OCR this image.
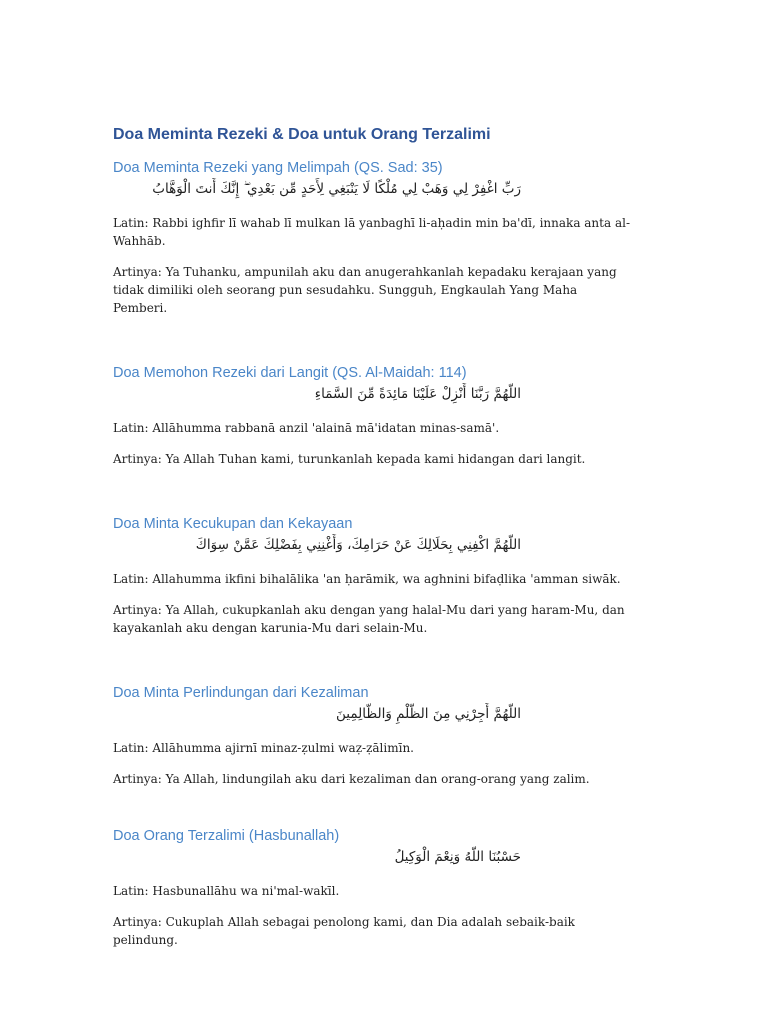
Doa Meminta Rezeki & Doa untuk Orang Terzalimi
Doa Meminta Rezeki yang Melimpah (QS. Sad: 35)
رَبِّ اغْفِرْ لِي وَهَبْ لِي مُلْكًا لَا يَنْبَغِي لِأَحَدٍ مِّن بَعْدِي ۖ إِنَّكَ أَنتَ الْوَهَّابُ

Latin: Rabbi ighfir lī wahab lī mulkan lā yanbaghī li-aḥadin min ba'dī, innaka anta al-Wahhāb.

Artinya: Ya Tuhanku, ampunilah aku dan anugerahkanlah kepadaku kerajaan yang tidak dimiliki oleh seorang pun sesudahku. Sungguh, Engkaulah Yang Maha Pemberi.

Doa Memohon Rezeki dari Langit (QS. Al-Maidah: 114)
اللَّهُمَّ رَبَّنَا أَنْزِلْ عَلَيْنَا مَائِدَةً مِّنَ السَّمَاءِ

Latin: Allāhumma rabbanā anzil 'alainā mā'idatan minas-samā'.

Artinya: Ya Allah Tuhan kami, turunkanlah kepada kami hidangan dari langit.

Doa Minta Kecukupan dan Kekayaan
اللَّهُمَّ اكْفِنِي بِحَلَالِكَ عَنْ حَرَامِكَ، وَأَغْنِنِي بِفَضْلِكَ عَمَّنْ سِوَاكَ

Latin: Allahumma ikfini bihalālika 'an ḥarāmik, wa aghnini bifaḍlika 'amman siwāk.

Artinya: Ya Allah, cukupkanlah aku dengan yang halal-Mu dari yang haram-Mu, dan kayakanlah aku dengan karunia-Mu dari selain-Mu.

Doa Minta Perlindungan dari Kezaliman
اللَّهُمَّ أَجِرْنِي مِنَ الظُّلْمِ وَالظَّالِمِينَ

Latin: Allāhumma ajirnī minaz-ẓulmi waẓ-ẓālimīn.

Artinya: Ya Allah, lindungilah aku dari kezaliman dan orang-orang yang zalim.

Doa Orang Terzalimi (Hasbunallah)
حَسْبُنَا اللَّهُ وَنِعْمَ الْوَكِيلُ

Latin: Hasbunallāhu wa ni'mal-wakīl.

Artinya: Cukuplah Allah sebagai penolong kami, dan Dia adalah sebaik-baik pelindung.
